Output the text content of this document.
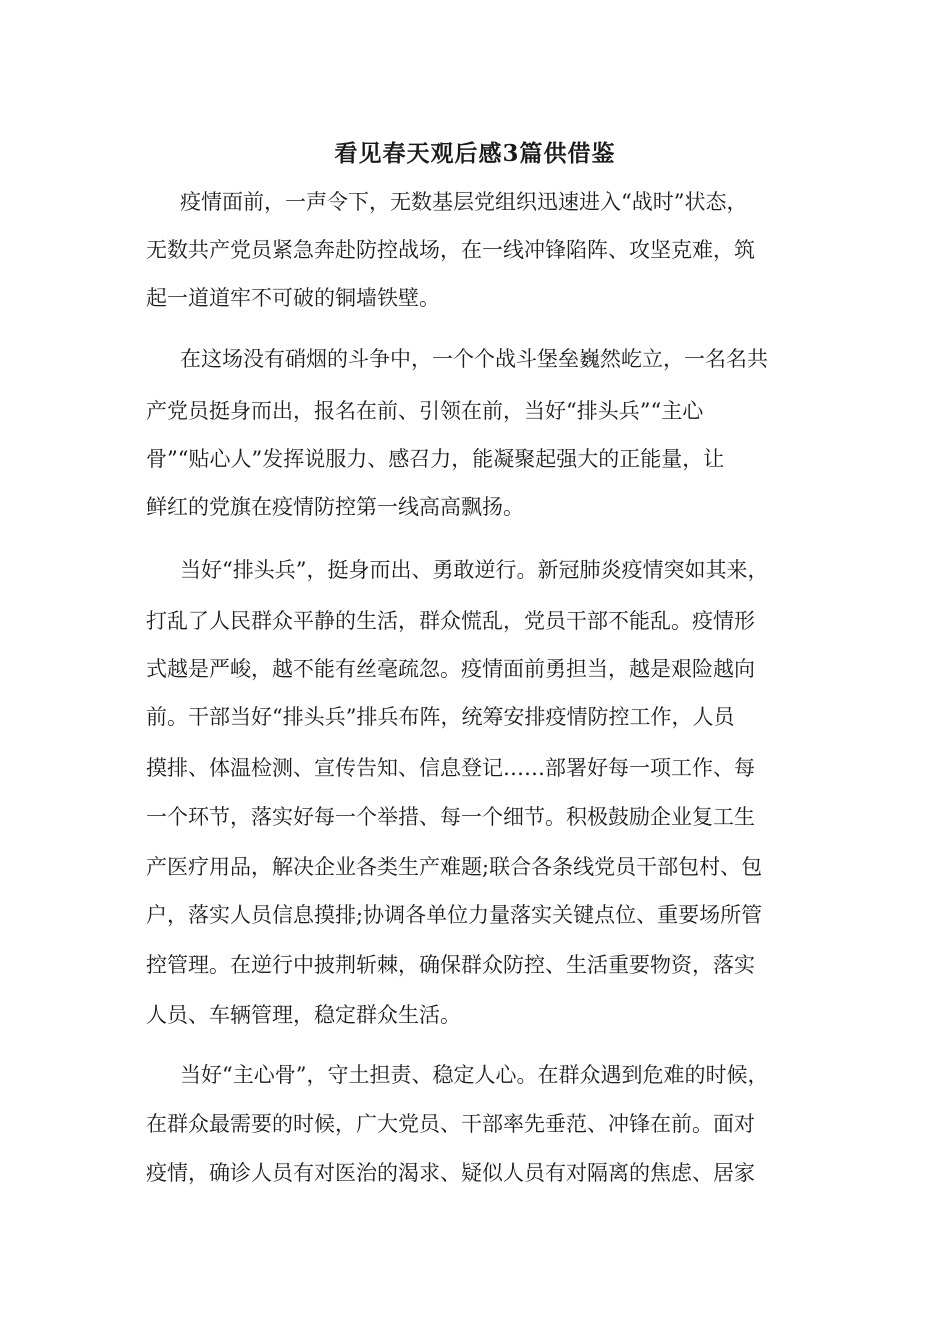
看见春天观后感3篇供借鉴

疫情面前，一声令下，无数基层党组织迅速进入“战时”状态，

无数共产党员紧急奔赴防控战场，在一线冲锋陷阵、攻坚克难，筑

起一道道牢不可破的铜墙铁壁。

在这场没有硝烟的斗争中，一个个战斗堡垒巍然屹立，一名名共

产党员挺身而出，报名在前、引领在前，当好“排头兵”“主心

骨”“贴心人”发挥说服力、感召力，能凝聚起强大的正能量，让

鲜红的党旗在疫情防控第一线高高飘扬。

当好“排头兵”，挺身而出、勇敢逆行。新冠肺炎疫情突如其来，

打乱了人民群众平静的生活，群众慌乱，党员干部不能乱。疫情形

式越是严峻，越不能有丝毫疏忽。疫情面前勇担当，越是艰险越向

前。干部当好“排头兵”排兵布阵，统筹安排疫情防控工作，人员

摸排、体温检测、宣传告知、信息登记……部署好每一项工作、每

一个环节，落实好每一个举措、每一个细节。积极鼓励企业复工生

产医疗用品，解决企业各类生产难题;联合各条线党员干部包村、包

户，落实人员信息摸排;协调各单位力量落实关键点位、重要场所管

控管理。在逆行中披荆斩棘，确保群众防控、生活重要物资，落实

人员、车辆管理，稳定群众生活。

当好“主心骨”，守土担责、稳定人心。在群众遇到危难的时候，

在群众最需要的时候，广大党员、干部率先垂范、冲锋在前。面对

疫情，确诊人员有对医治的渴求、疑似人员有对隔离的焦虑、居家
